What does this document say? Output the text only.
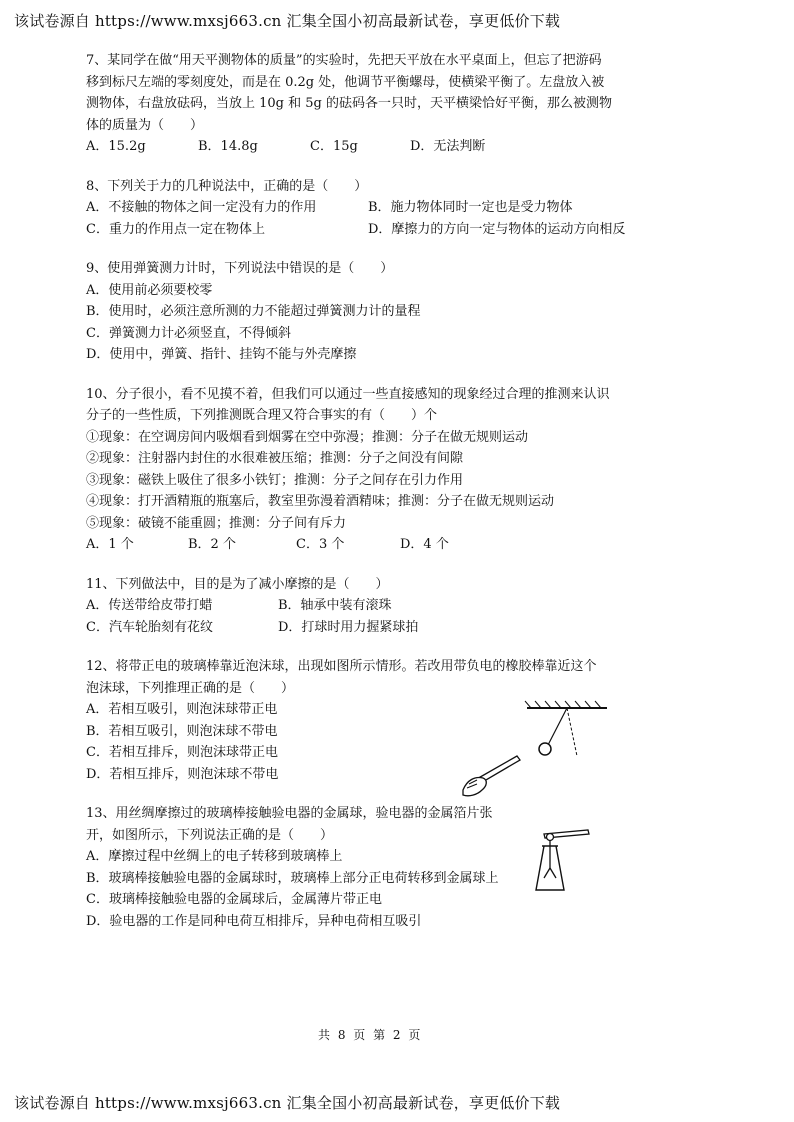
该试卷源自 https://www.mxsj663.cn 汇集全国小初高最新试卷，享更低价下载
7、某同学在做“用天平测物体的质量”的实验时，先把天平放在水平桌面上，但忘了把游码
移到标尺左端的零刻度处，而是在 0.2g 处，他调节平衡螺母，使横梁平衡了。左盘放入被
测物体，右盘放砝码，当放上 10g 和 5g 的砝码各一只时，天平横梁恰好平衡，那么被测物
体的质量为（　　）
A．15.2g	B．14.8g	C．15g	D．无法判断
8、下列关于力的几种说法中，正确的是（　　）
A．不接触的物体之间一定没有力的作用	B．施力物体同时一定也是受力物体
C．重力的作用点一定在物体上	D．摩擦力的方向一定与物体的运动方向相反
9、使用弹簧测力计时，下列说法中错误的是（　　）
A．使用前必须要校零
B．使用时，必须注意所测的力不能超过弹簧测力计的量程
C．弹簧测力计必须竖直，不得倾斜
D．使用中，弹簧、指针、挂钩不能与外壳摩擦
10、分子很小，看不见摸不着，但我们可以通过一些直接感知的现象经过合理的推测来认识
分子的一些性质，下列推测既合理又符合事实的有（　　）个
①现象：在空调房间内吸烟看到烟雾在空中弥漫；推测：分子在做无规则运动
②现象：注射器内封住的水很难被压缩；推测：分子之间没有间隙
③现象：磁铁上吸住了很多小铁钉；推测：分子之间存在引力作用
④现象：打开酒精瓶的瓶塞后，教室里弥漫着酒精味；推测：分子在做无规则运动
⑤现象：破镜不能重圆；推测：分子间有斥力
A．1 个	B．2 个	C．3 个	D．4 个
11、下列做法中，目的是为了减小摩擦的是（　　）
A．传送带给皮带打蜡	B．轴承中装有滚珠
C．汽车轮胎刻有花纹	D．打球时用力握紧球拍
12、将带正电的玻璃棒靠近泡沫球，出现如图所示情形。若改用带负电的橡胶棒靠近这个
泡沫球，下列推理正确的是（　　）
A．若相互吸引，则泡沫球带正电
B．若相互吸引，则泡沫球不带电
C．若相互排斥，则泡沫球带正电
D．若相互排斥，则泡沫球不带电
13、用丝绸摩擦过的玻璃棒接触验电器的金属球，验电器的金属箔片张
开，如图所示，下列说法正确的是（　　）
A．摩擦过程中丝绸上的电子转移到玻璃棒上
B．玻璃棒接触验电器的金属球时，玻璃棒上部分正电荷转移到金属球上
C．玻璃棒接触验电器的金属球后，金属薄片带正电
D．验电器的工作是同种电荷互相排斥，异种电荷相互吸引
共 8 页 第 2 页
该试卷源自 https://www.mxsj663.cn 汇集全国小初高最新试卷，享更低价下载
